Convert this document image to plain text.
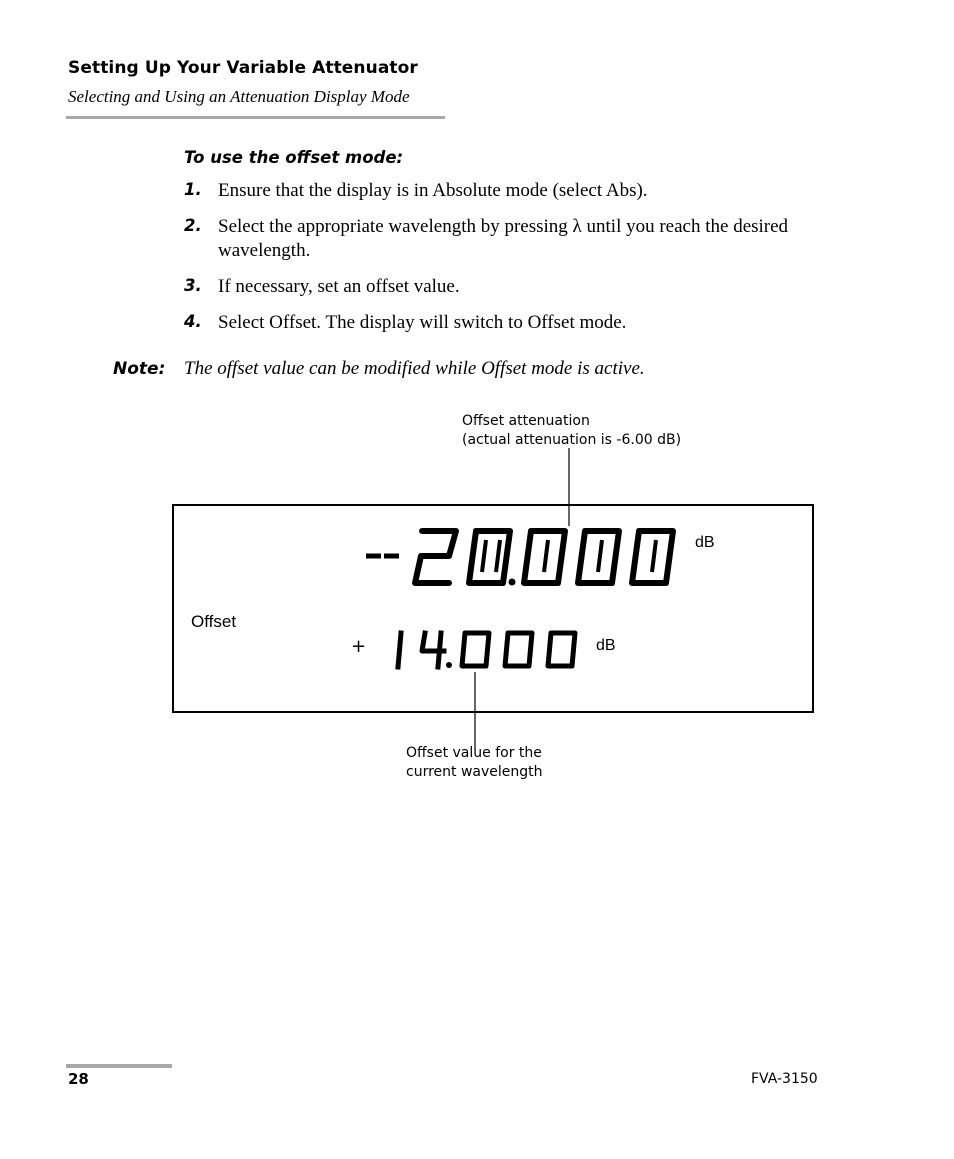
Setting Up Your Variable Attenuator
Selecting and Using an Attenuation Display Mode
To use the offset mode:
1. Ensure that the display is in Absolute mode (select Abs).
2. Select the appropriate wavelength by pressing λ until you reach the desired wavelength.
3. If necessary, set an offset value.
4. Select Offset. The display will switch to Offset mode.
Note: The offset value can be modified while Offset mode is active.
Offset attenuation
(actual attenuation is -6.00 dB)
Offset value for the
current wavelength
dB
Offset
+	dB
28	FVA-3150
